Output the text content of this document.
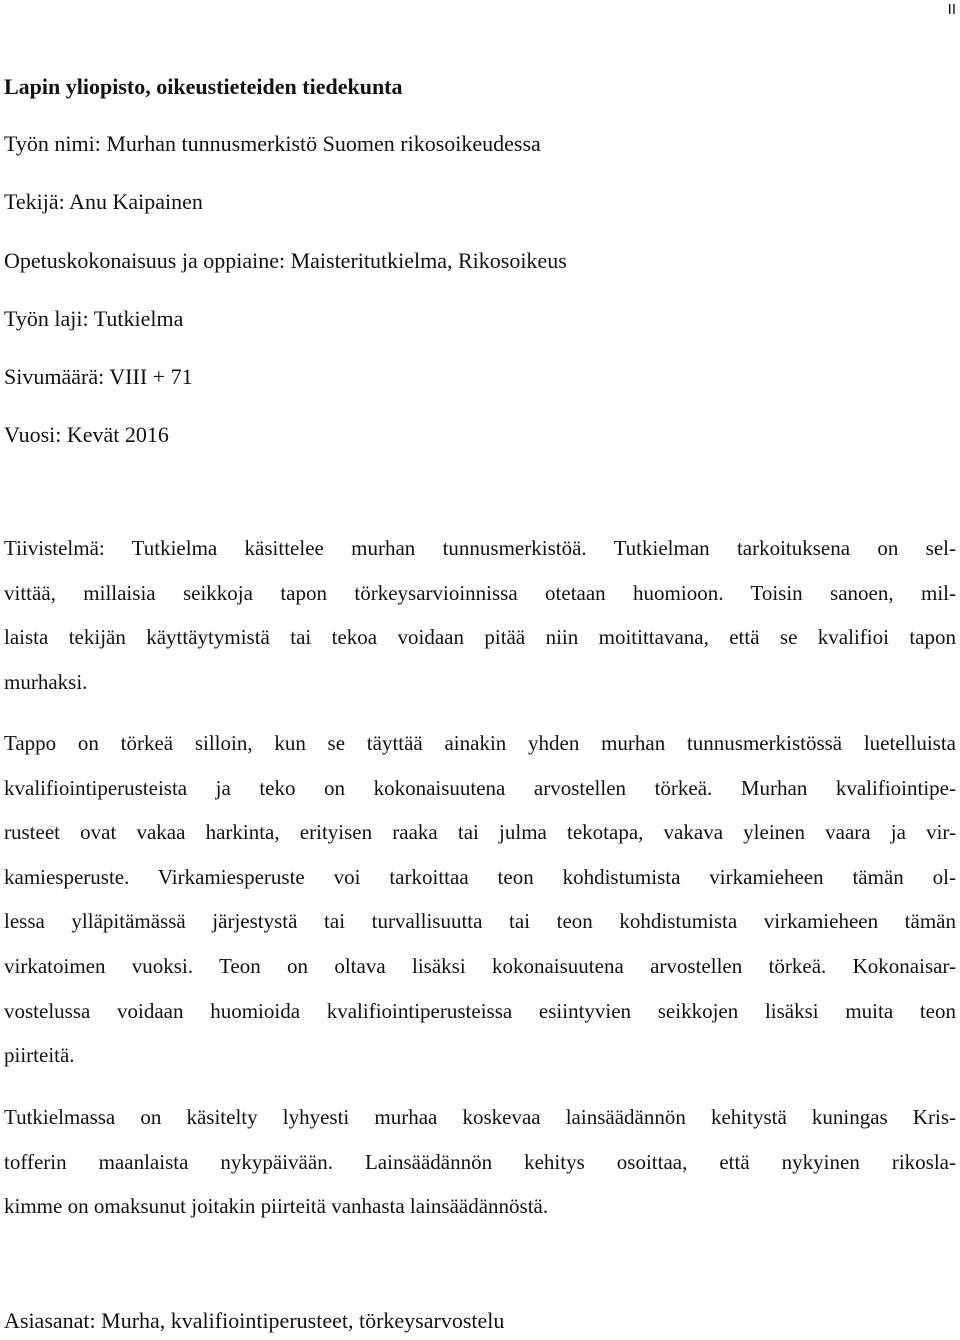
II
Lapin yliopisto, oikeustieteiden tiedekunta
Työn nimi: Murhan tunnusmerkistö Suomen rikosoikeudessa
Tekijä: Anu Kaipainen
Opetuskokonaisuus ja oppiaine: Maisteritutkielma, Rikosoikeus
Työn laji: Tutkielma
Sivumäärä: VIII + 71
Vuosi: Kevät 2016
Tiivistelmä: Tutkielma käsittelee murhan tunnusmerkistöä. Tutkielman tarkoituksena on sel-
vittää, millaisia seikkoja tapon törkeysarvioinnissa otetaan huomioon. Toisin sanoen, mil-
laista tekijän käyttäytymistä tai tekoa voidaan pitää niin moitittavana, että se kvalifioi tapon
murhaksi.
Tappo on törkeä silloin, kun se täyttää ainakin yhden murhan tunnusmerkistössä luetelluista
kvalifiointiperusteista ja teko on kokonaisuutena arvostellen törkeä. Murhan kvalifiointipe-
rusteet ovat vakaa harkinta, erityisen raaka tai julma tekotapa, vakava yleinen vaara ja vir-
kamiesperuste. Virkamiesperuste voi tarkoittaa teon kohdistumista virkamieheen tämän ol-
lessa ylläpitämässä järjestystä tai turvallisuutta tai teon kohdistumista virkamieheen tämän
virkatoimen vuoksi. Teon on oltava lisäksi kokonaisuutena arvostellen törkeä. Kokonaisar-
vostelussa voidaan huomioida kvalifiointiperusteissa esiintyvien seikkojen lisäksi muita teon
piirteitä.
Tutkielmassa on käsitelty lyhyesti murhaa koskevaa lainsäädännön kehitystä kuningas Kris-
tofferin maanlaista nykypäivään. Lainsäädännön kehitys osoittaa, että nykyinen rikosla-
kimme on omaksunut joitakin piirteitä vanhasta lainsäädännöstä.
Asiasanat: Murha, kvalifiointiperusteet, törkeysarvostelu
